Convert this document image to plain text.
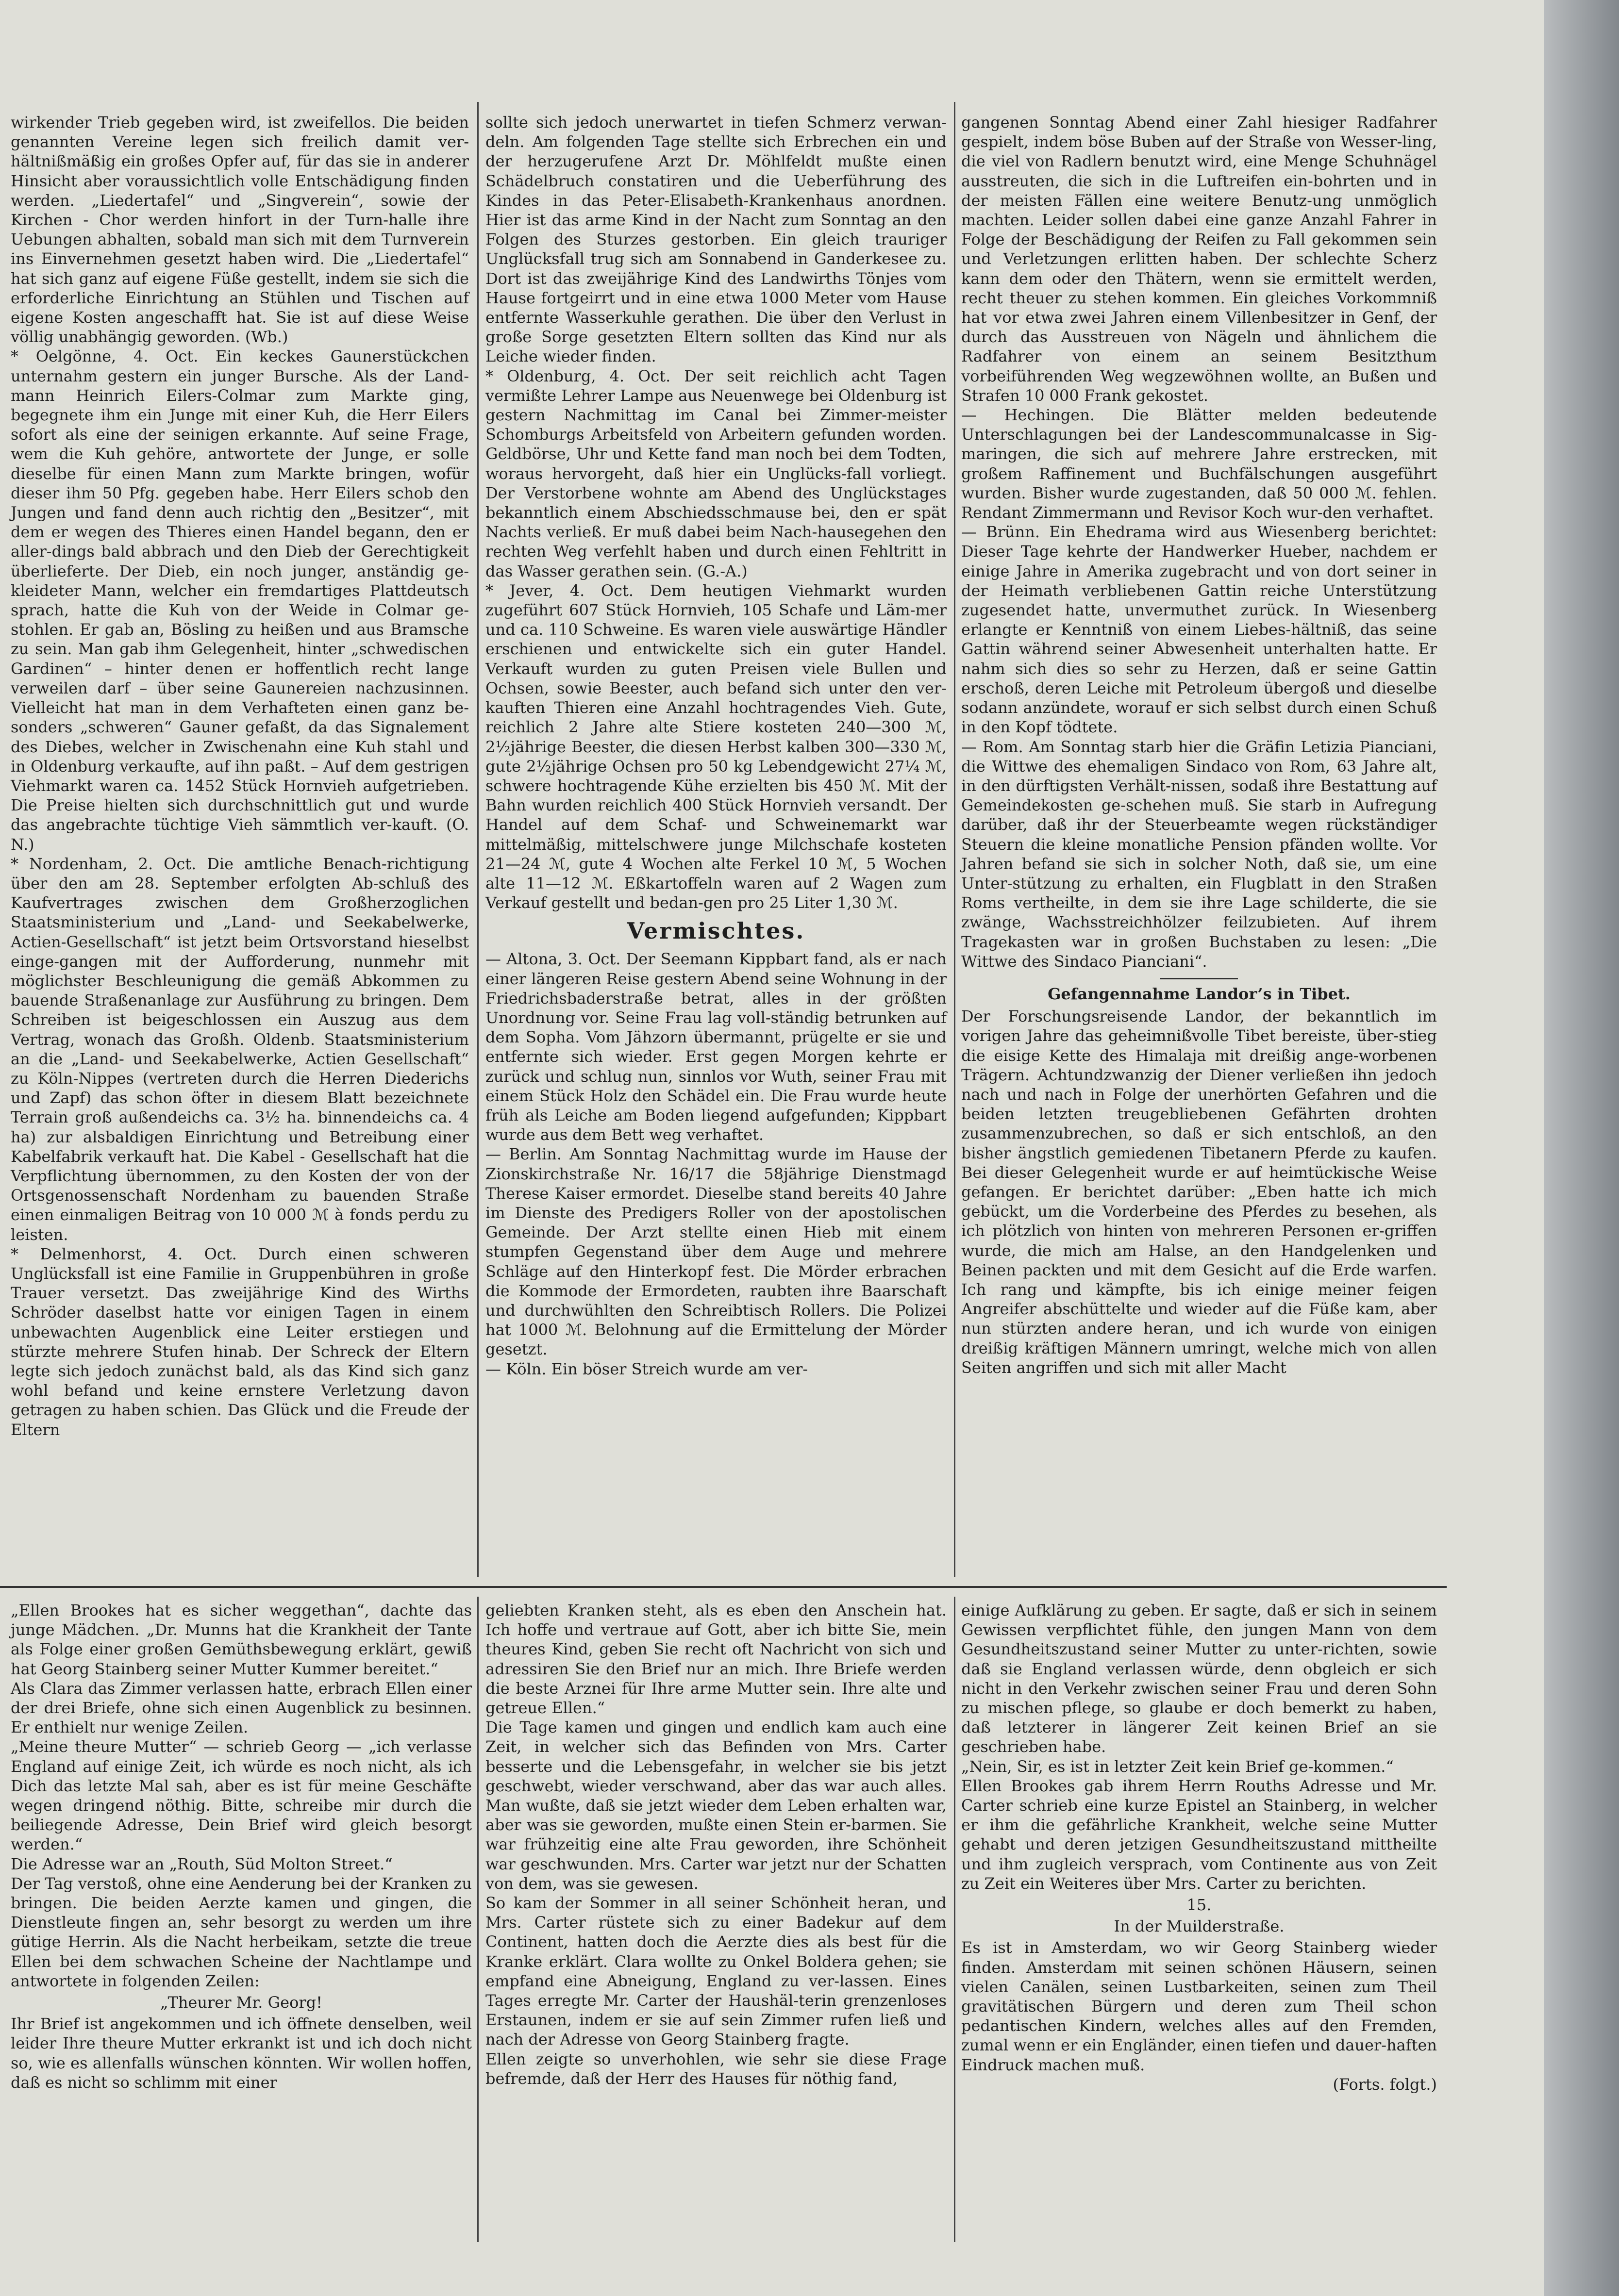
wirkender Trieb gegeben wird, ist zweifellos. Die beiden genannten Vereine legen sich freilich damit ver-hältnißmäßig ein großes Opfer auf, für das sie in anderer Hinsicht aber voraussichtlich volle Entschädigung finden werden. „Liedertafel“ und „Singverein“, sowie der Kirchen - Chor werden hinfort in der Turn-halle ihre Uebungen abhalten, sobald man sich mit dem Turnverein ins Einvernehmen gesetzt haben wird. Die „Liedertafel“ hat sich ganz auf eigene Füße gestellt, indem sie sich die erforderliche Einrichtung an Stühlen und Tischen auf eigene Kosten angeschafft hat. Sie ist auf diese Weise völlig unabhängig geworden. (Wb.)

* Oelgönne, 4. Oct. Ein keckes Gaunerstückchen unternahm gestern ein junger Bursche. Als der Land-mann Heinrich Eilers-Colmar zum Markte ging, begegnete ihm ein Junge mit einer Kuh, die Herr Eilers sofort als eine der seinigen erkannte. Auf seine Frage, wem die Kuh gehöre, antwortete der Junge, er solle dieselbe für einen Mann zum Markte bringen, wofür dieser ihm 50 Pfg. gegeben habe. Herr Eilers schob den Jungen und fand denn auch richtig den „Besitzer“, mit dem er wegen des Thieres einen Handel begann, den er aller-dings bald abbrach und den Dieb der Gerechtigkeit überlieferte. Der Dieb, ein noch junger, anständig ge-kleideter Mann, welcher ein fremdartiges Plattdeutsch sprach, hatte die Kuh von der Weide in Colmar ge-stohlen. Er gab an, Bösling zu heißen und aus Bramsche zu sein. Man gab ihm Gelegenheit, hinter „schwedischen Gardinen“ – hinter denen er hoffentlich recht lange verweilen darf – über seine Gaunereien nachzusinnen. Vielleicht hat man in dem Verhafteten einen ganz be-sonders „schweren“ Gauner gefaßt, da das Signalement des Diebes, welcher in Zwischenahn eine Kuh stahl und in Oldenburg verkaufte, auf ihn paßt. – Auf dem gestrigen Viehmarkt waren ca. 1452 Stück Hornvieh aufgetrieben. Die Preise hielten sich durchschnittlich gut und wurde das angebrachte tüchtige Vieh sämmtlich ver-kauft. (O. N.)

* Nordenham, 2. Oct. Die amtliche Benach-richtigung über den am 28. September erfolgten Ab-schluß des Kaufvertrages zwischen dem Großherzoglichen Staatsministerium und „Land- und Seekabelwerke, Actien-Gesellschaft“ ist jetzt beim Ortsvorstand hieselbst einge-gangen mit der Aufforderung, nunmehr mit möglichster Beschleunigung die gemäß Abkommen zu bauende Straßenanlage zur Ausführung zu bringen. Dem Schreiben ist beigeschlossen ein Auszug aus dem Vertrag, wonach das Großh. Oldenb. Staatsministerium an die „Land- und Seekabelwerke, Actien Gesellschaft“ zu Köln-Nippes (vertreten durch die Herren Diederichs und Zapf) das schon öfter in diesem Blatt bezeichnete Terrain groß außendeichs ca. 3½ ha. binnendeichs ca. 4 ha) zur alsbaldigen Einrichtung und Betreibung einer Kabelfabrik verkauft hat. Die Kabel - Gesellschaft hat die Verpflichtung übernommen, zu den Kosten der von der Ortsgenossenschaft Nordenham zu bauenden Straße einen einmaligen Beitrag von 10 000 ℳ à fonds perdu zu leisten.

* Delmenhorst, 4. Oct. Durch einen schweren Unglücksfall ist eine Familie in Gruppenbühren in große Trauer versetzt. Das zweijährige Kind des Wirths Schröder daselbst hatte vor einigen Tagen in einem unbewachten Augenblick eine Leiter erstiegen und stürzte mehrere Stufen hinab. Der Schreck der Eltern legte sich jedoch zunächst bald, als das Kind sich ganz wohl befand und keine ernstere Verletzung davon getragen zu haben schien. Das Glück und die Freude der Eltern

sollte sich jedoch unerwartet in tiefen Schmerz verwan-deln. Am folgenden Tage stellte sich Erbrechen ein und der herzugerufene Arzt Dr. Möhlfeldt mußte einen Schädelbruch constatiren und die Ueberführung des Kindes in das Peter-Elisabeth-Krankenhaus anordnen. Hier ist das arme Kind in der Nacht zum Sonntag an den Folgen des Sturzes gestorben. Ein gleich trauriger Unglücksfall trug sich am Sonnabend in Ganderkesee zu. Dort ist das zweijährige Kind des Landwirths Tönjes vom Hause fortgeirrt und in eine etwa 1000 Meter vom Hause entfernte Wasserkuhle gerathen. Die über den Verlust in große Sorge gesetzten Eltern sollten das Kind nur als Leiche wieder finden.

* Oldenburg, 4. Oct. Der seit reichlich acht Tagen vermißte Lehrer Lampe aus Neuenwege bei Oldenburg ist gestern Nachmittag im Canal bei Zimmer-meister Schomburgs Arbeitsfeld von Arbeitern gefunden worden. Geldbörse, Uhr und Kette fand man noch bei dem Todten, woraus hervorgeht, daß hier ein Unglücks-fall vorliegt. Der Verstorbene wohnte am Abend des Unglückstages bekanntlich einem Abschiedsschmause bei, den er spät Nachts verließ. Er muß dabei beim Nach-hausegehen den rechten Weg verfehlt haben und durch einen Fehltritt in das Wasser gerathen sein. (G.-A.)

* Jever, 4. Oct. Dem heutigen Viehmarkt wurden zugeführt 607 Stück Hornvieh, 105 Schafe und Läm-mer und ca. 110 Schweine. Es waren viele auswärtige Händler erschienen und entwickelte sich ein guter Handel. Verkauft wurden zu guten Preisen viele Bullen und Ochsen, sowie Beester, auch befand sich unter den ver-kauften Thieren eine Anzahl hochtragendes Vieh. Gute, reichlich 2 Jahre alte Stiere kosteten 240—300 ℳ, 2½jährige Beester, die diesen Herbst kalben 300—330 ℳ, gute 2½jährige Ochsen pro 50 kg Lebendgewicht 27¼ ℳ, schwere hochtragende Kühe erzielten bis 450 ℳ. Mit der Bahn wurden reichlich 400 Stück Hornvieh versandt. Der Handel auf dem Schaf- und Schweinemarkt war mittelmäßig, mittelschwere junge Milchschafe kosteten 21—24 ℳ, gute 4 Wochen alte Ferkel 10 ℳ, 5 Wochen alte 11—12 ℳ. Eßkartoffeln waren auf 2 Wagen zum Verkauf gestellt und bedan-gen pro 25 Liter 1,30 ℳ.

Vermischtes.

— Altona, 3. Oct. Der Seemann Kippbart fand, als er nach einer längeren Reise gestern Abend seine Wohnung in der Friedrichsbaderstraße betrat, alles in der größten Unordnung vor. Seine Frau lag voll-ständig betrunken auf dem Sopha. Vom Jähzorn übermannt, prügelte er sie und entfernte sich wieder. Erst gegen Morgen kehrte er zurück und schlug nun, sinnlos vor Wuth, seiner Frau mit einem Stück Holz den Schädel ein. Die Frau wurde heute früh als Leiche am Boden liegend aufgefunden; Kippbart wurde aus dem Bett weg verhaftet.

— Berlin. Am Sonntag Nachmittag wurde im Hause der Zionskirchstraße Nr. 16/17 die 58jährige Dienstmagd Therese Kaiser ermordet. Dieselbe stand bereits 40 Jahre im Dienste des Predigers Roller von der apostolischen Gemeinde. Der Arzt stellte einen Hieb mit einem stumpfen Gegenstand über dem Auge und mehrere Schläge auf den Hinterkopf fest. Die Mörder erbrachen die Kommode der Ermordeten, raubten ihre Baarschaft und durchwühlten den Schreibtisch Rollers. Die Polizei hat 1000 ℳ. Belohnung auf die Ermittelung der Mörder gesetzt.

— Köln. Ein böser Streich wurde am ver-

gangenen Sonntag Abend einer Zahl hiesiger Radfahrer gespielt, indem böse Buben auf der Straße von Wesser-ling, die viel von Radlern benutzt wird, eine Menge Schuhnägel ausstreuten, die sich in die Luftreifen ein-bohrten und in der meisten Fällen eine weitere Benutz-ung unmöglich machten. Leider sollen dabei eine ganze Anzahl Fahrer in Folge der Beschädigung der Reifen zu Fall gekommen sein und Verletzungen erlitten haben. Der schlechte Scherz kann dem oder den Thätern, wenn sie ermittelt werden, recht theuer zu stehen kommen. Ein gleiches Vorkommniß hat vor etwa zwei Jahren einem Villenbesitzer in Genf, der durch das Ausstreuen von Nägeln und ähnlichem die Radfahrer von einem an seinem Besitzthum vorbeiführenden Weg wegzewöhnen wollte, an Bußen und Strafen 10 000 Frank gekostet.

— Hechingen. Die Blätter melden bedeutende Unterschlagungen bei der Landescommunalcasse in Sig-maringen, die sich auf mehrere Jahre erstrecken, mit großem Raffinement und Buchfälschungen ausgeführt wurden. Bisher wurde zugestanden, daß 50 000 ℳ. fehlen. Rendant Zimmermann und Revisor Koch wur-den verhaftet.

— Brünn. Ein Ehedrama wird aus Wiesenberg berichtet: Dieser Tage kehrte der Handwerker Hueber, nachdem er einige Jahre in Amerika zugebracht und von dort seiner in der Heimath verbliebenen Gattin reiche Unterstützung zugesendet hatte, unvermuthet zurück. In Wiesenberg erlangte er Kenntniß von einem Liebes-hältniß, das seine Gattin während seiner Abwesenheit unterhalten hatte. Er nahm sich dies so sehr zu Herzen, daß er seine Gattin erschoß, deren Leiche mit Petroleum übergoß und dieselbe sodann anzündete, worauf er sich selbst durch einen Schuß in den Kopf tödtete.

— Rom. Am Sonntag starb hier die Gräfin Letizia Pianciani, die Wittwe des ehemaligen Sindaco von Rom, 63 Jahre alt, in den dürftigsten Verhält-nissen, sodaß ihre Bestattung auf Gemeindekosten ge-schehen muß. Sie starb in Aufregung darüber, daß ihr der Steuerbeamte wegen rückständiger Steuern die kleine monatliche Pension pfänden wollte. Vor Jahren befand sie sich in solcher Noth, daß sie, um eine Unter-stützung zu erhalten, ein Flugblatt in den Straßen Roms vertheilte, in dem sie ihre Lage schilderte, die sie zwänge, Wachsstreichhölzer feilzubieten. Auf ihrem Tragekasten war in großen Buchstaben zu lesen: „Die Wittwe des Sindaco Pianciani“.

Gefangennahme Landor’s in Tibet.

Der Forschungsreisende Landor, der bekanntlich im vorigen Jahre das geheimnißvolle Tibet bereiste, über-stieg die eisige Kette des Himalaja mit dreißig ange-worbenen Trägern. Achtundzwanzig der Diener verließen ihn jedoch nach und nach in Folge der unerhörten Gefahren und die beiden letzten treugebliebenen Gefährten drohten zusammenzubrechen, so daß er sich entschloß, an den bisher ängstlich gemiedenen Tibetanern Pferde zu kaufen. Bei dieser Gelegenheit wurde er auf heimtückische Weise gefangen. Er berichtet darüber: „Eben hatte ich mich gebückt, um die Vorderbeine des Pferdes zu besehen, als ich plötzlich von hinten von mehreren Personen er-griffen wurde, die mich am Halse, an den Handgelenken und Beinen packten und mit dem Gesicht auf die Erde warfen. Ich rang und kämpfte, bis ich einige meiner feigen Angreifer abschüttelte und wieder auf die Füße kam, aber nun stürzten andere heran, und ich wurde von einigen dreißig kräftigen Männern umringt, welche mich von allen Seiten angriffen und sich mit aller Macht

„Ellen Brookes hat es sicher weggethan“, dachte das junge Mädchen. „Dr. Munns hat die Krankheit der Tante als Folge einer großen Gemüthsbewegung erklärt, gewiß hat Georg Stainberg seiner Mutter Kummer bereitet.“

Als Clara das Zimmer verlassen hatte, erbrach Ellen einer der drei Briefe, ohne sich einen Augenblick zu besinnen. Er enthielt nur wenige Zeilen.

„Meine theure Mutter“ — schrieb Georg — „ich verlasse England auf einige Zeit, ich würde es noch nicht, als ich Dich das letzte Mal sah, aber es ist für meine Geschäfte wegen dringend nöthig. Bitte, schreibe mir durch die beiliegende Adresse, Dein Brief wird gleich besorgt werden.“

Die Adresse war an „Routh, Süd Molton Street.“

Der Tag verstoß, ohne eine Aenderung bei der Kranken zu bringen. Die beiden Aerzte kamen und gingen, die Dienstleute fingen an, sehr besorgt zu werden um ihre gütige Herrin. Als die Nacht herbeikam, setzte die treue Ellen bei dem schwachen Scheine der Nachtlampe und antwortete in folgenden Zeilen:

„Theurer Mr. Georg!

Ihr Brief ist angekommen und ich öffnete denselben, weil leider Ihre theure Mutter erkrankt ist und ich doch nicht so, wie es allenfalls wünschen könnten. Wir wollen hoffen, daß es nicht so schlimm mit einer

geliebten Kranken steht, als es eben den Anschein hat. Ich hoffe und vertraue auf Gott, aber ich bitte Sie, mein theures Kind, geben Sie recht oft Nachricht von sich und adressiren Sie den Brief nur an mich. Ihre Briefe werden die beste Arznei für Ihre arme Mutter sein. Ihre alte und getreue Ellen.“

Die Tage kamen und gingen und endlich kam auch eine Zeit, in welcher sich das Befinden von Mrs. Carter besserte und die Lebensgefahr, in welcher sie bis jetzt geschwebt, wieder verschwand, aber das war auch alles. Man wußte, daß sie jetzt wieder dem Leben erhalten war, aber was sie geworden, mußte einen Stein er-barmen. Sie war frühzeitig eine alte Frau geworden, ihre Schönheit war geschwunden. Mrs. Carter war jetzt nur der Schatten von dem, was sie gewesen.

So kam der Sommer in all seiner Schönheit heran, und Mrs. Carter rüstete sich zu einer Badekur auf dem Continent, hatten doch die Aerzte dies als best für die Kranke erklärt. Clara wollte zu Onkel Boldera gehen; sie empfand eine Abneigung, England zu ver-lassen. Eines Tages erregte Mr. Carter der Haushäl-terin grenzenloses Erstaunen, indem er sie auf sein Zimmer rufen ließ und nach der Adresse von Georg Stainberg fragte.

Ellen zeigte so unverhohlen, wie sehr sie diese Frage befremde, daß der Herr des Hauses für nöthig fand,

einige Aufklärung zu geben. Er sagte, daß er sich in seinem Gewissen verpflichtet fühle, den jungen Mann von dem Gesundheitszustand seiner Mutter zu unter-richten, sowie daß sie England verlassen würde, denn obgleich er sich nicht in den Verkehr zwischen seiner Frau und deren Sohn zu mischen pflege, so glaube er doch bemerkt zu haben, daß letzterer in längerer Zeit keinen Brief an sie geschrieben habe.

„Nein, Sir, es ist in letzter Zeit kein Brief ge-kommen.“

Ellen Brookes gab ihrem Herrn Rouths Adresse und Mr. Carter schrieb eine kurze Epistel an Stainberg, in welcher er ihm die gefährliche Krankheit, welche seine Mutter gehabt und deren jetzigen Gesundheitszustand mittheilte und ihm zugleich versprach, vom Continente aus von Zeit zu Zeit ein Weiteres über Mrs. Carter zu berichten.

15.

In der Muilderstraße.

Es ist in Amsterdam, wo wir Georg Stainberg wieder finden. Amsterdam mit seinen schönen Häusern, seinen vielen Canälen, seinen Lustbarkeiten, seinen zum Theil gravitätischen Bürgern und deren zum Theil schon pedantischen Kindern, welches alles auf den Fremden, zumal wenn er ein Engländer, einen tiefen und dauer-haften Eindruck machen muß.

(Forts. folgt.)
